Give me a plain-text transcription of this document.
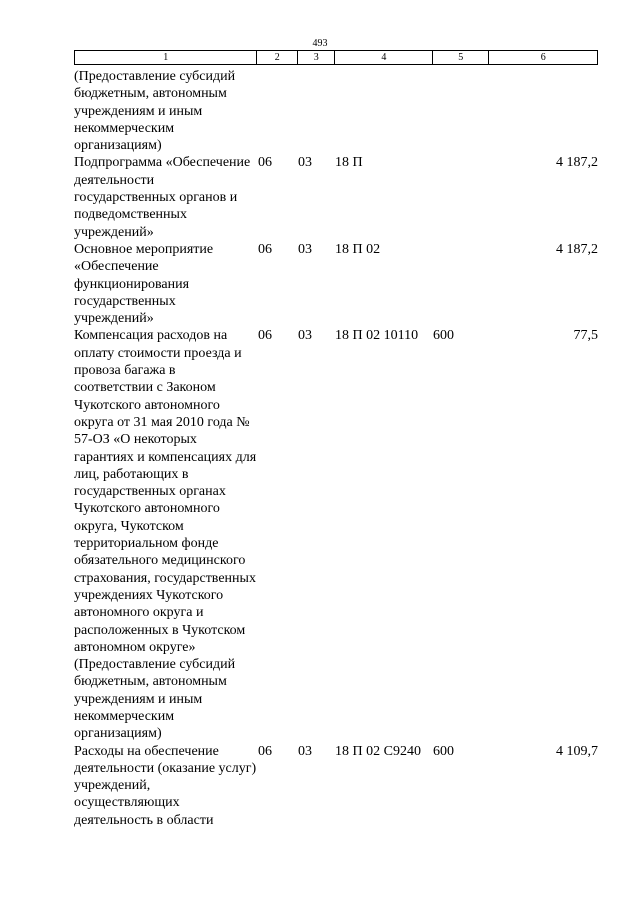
493
1	2	3	4	5	6
(Предоставление субсидий бюджетным, автономным учреждениям и иным некоммерческим организациям)					
Подпрограмма «Обеспечение деятельности государственных органов и подведомственных учреждений»	06	03	18 П		4 187,2
Основное мероприятие «Обеспечение функционирования государственных учреждений»	06	03	18 П 02		4 187,2
Компенсация расходов на оплату стоимости проезда и провоза багажа в соответствии с Законом Чукотского автономного округа от 31 мая 2010 года № 57-ОЗ «О некоторых гарантиях и компенсациях для лиц, работающих в государственных органах Чукотского автономного округа, Чукотском территориальном фонде обязательного медицинского страхования, государственных учреждениях Чукотского автономного округа и расположенных в Чукотском автономном округе» (Предоставление субсидий бюджетным, автономным учреждениям и иным некоммерческим организациям)	06	03	18 П 02 10110	600	77,5
Расходы на обеспечение деятельности (оказание услуг) учреждений, осуществляющих деятельность в области	06	03	18 П 02 С9240	600	4 109,7
